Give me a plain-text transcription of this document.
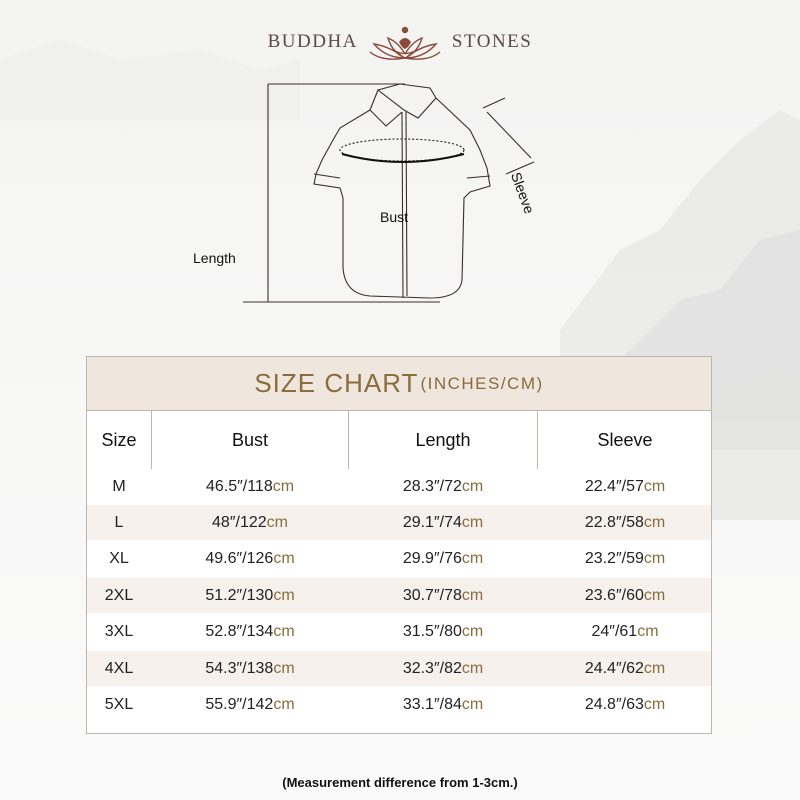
BUDDHA	STONES
Length
Bust
Sleeve
SIZE CHART (INCHES/CM)
Size	Bust	Length	Sleeve
M	46.5″/118 cm	28.3″/72 cm	22.4″/57 cm
L	48″/122 cm	29.1″/74 cm	22.8″/58 cm
XL	49.6″/126 cm	29.9″/76 cm	23.2″/59 cm
2XL	51.2″/130 cm	30.7″/78 cm	23.6″/60 cm
3XL	52.8″/134 cm	31.5″/80 cm	24″/61 cm
4XL	54.3″/138 cm	32.3″/82 cm	24.4″/62 cm
5XL	55.9″/142 cm	33.1″/84 cm	24.8″/63 cm
(Measurement difference from 1-3cm.)
